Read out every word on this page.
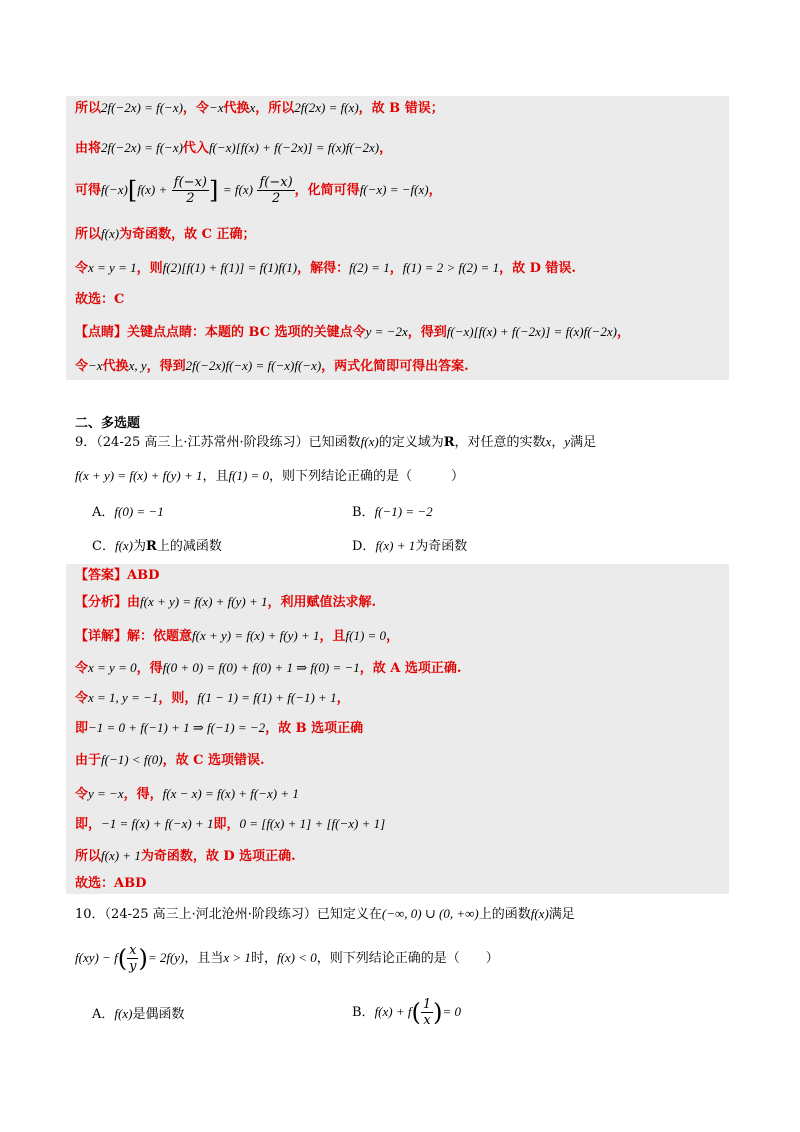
所以2f(−2x) = f(−x)，令−x代换x，所以2f(2x) = f(x)，故 B 错误；
由将2f(−2x) = f(−x)代入f(−x)[f(x) + f(−2x)] = f(x)f(−2x)，
可得$f(-x)[f(x) + \frac{f(-x)}{2}$ ] = $f(x) \frac{f(-x)}{2}$ ，化简可得f(−x) = −f(x)，
所以f(x)为奇函数，故 C 正确；
令x = y = 1，则f(2)[f(1) + f(1)] = f(1)f(1)，解得：f(2) = 1，f(1) = 2 > f(2) = 1，故 D 错误.
故选：C
【点睛】关键点点睛：本题的 BC 选项的关键点令y = −2x，得到f(−x)[f(x) + f(−2x)] = f(x)f(−2x)，
令−x代换x, y，得到2f(−2x)f(−x) = f(−x)f(−x)，两式化简即可得出答案.
二、多选题
9．（24-25 高三上·江苏常州·阶段练习）已知函数f(x)的定义域为R，对任意的实数x，y满足
f(x + y) = f(x) + f(y) + 1，且f(1) = 0，则下列结论正确的是（　　　）
A．f(0) = −1	B．f(−1) = −2
C．f(x)为R上的减函数	D．f(x) + 1为奇函数
【答案】ABD
【分析】由f(x + y) = f(x) + f(y) + 1，利用赋值法求解.
【详解】解：依题意f(x + y) = f(x) + f(y) + 1，且f(1) = 0，
令x = y = 0，得f(0 + 0) = f(0) + f(0) + 1 ⇒ f(0) = −1，故 A 选项正确.
令x = 1, y = −1，则，f(1 − 1) = f(1) + f(−1) + 1，
即−1 = 0 + f(−1) + 1 ⇒ f(−1) = −2，故 B 选项正确
由于f(−1) < f(0)，故 C 选项错误.
令y = −x，得，f(x − x) = f(x) + f(−x) + 1
即，−1 = f(x) + f(−x) + 1即，0 = [f(x) + 1] + [f(−x) + 1]
所以f(x) + 1为奇函数，故 D 选项正确.
故选：ABD
10．（24-25 高三上·河北沧州·阶段练习）已知定义在(−∞, 0) ∪ (0, +∞)上的函数f(x)满足
$f(xy) - f( \frac{x}{y}$ )= 2f(y)，且当x > 1时，f(x) < 0，则下列结论正确的是（　　）
A．f(x)是偶函数	B．$f(x) + f( \frac{1}{x}$ )= 0
